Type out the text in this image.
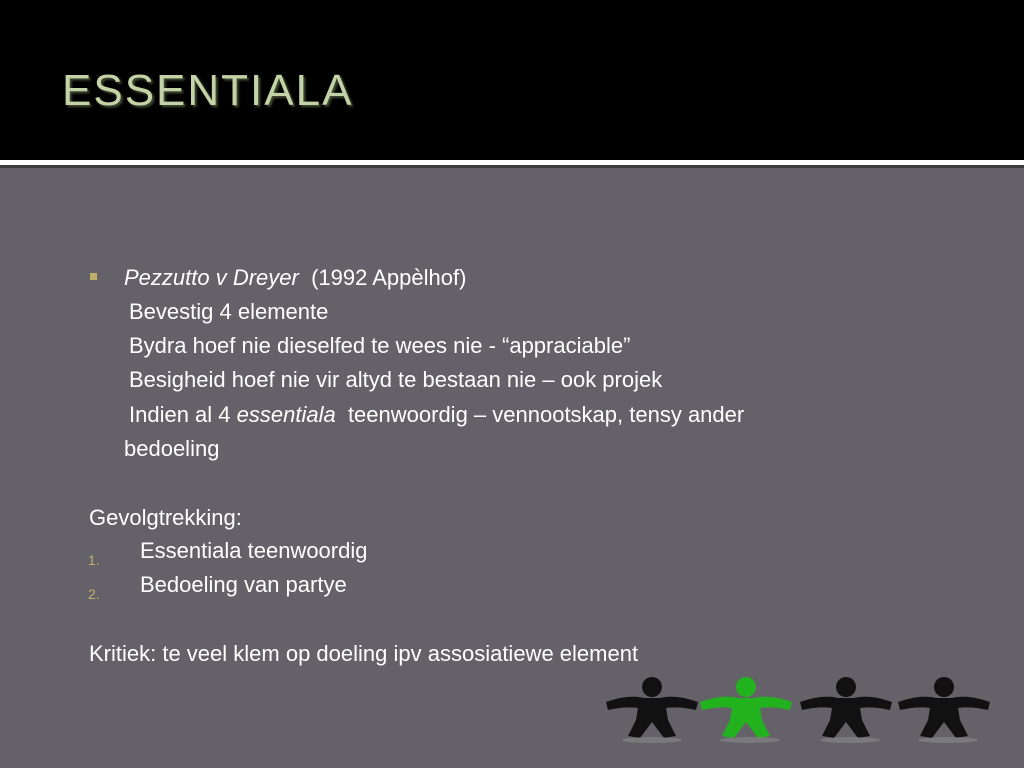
ESSENTIALA
Pezzutto v Dreyer  (1992 Appèlhof)
Bevestig 4 elemente
Bydra hoef nie dieselfed te wees nie - “appraciable”
Besigheid hoef nie vir altyd te bestaan nie – ook projek
Indien al 4 essentiala  teenwoordig – vennootskap, tensy ander
bedoeling
Gevolgtrekking:
1. Essentiala teenwoordig
2. Bedoeling van partye
Kritiek: te veel klem op doeling ipv assosiatiewe element
